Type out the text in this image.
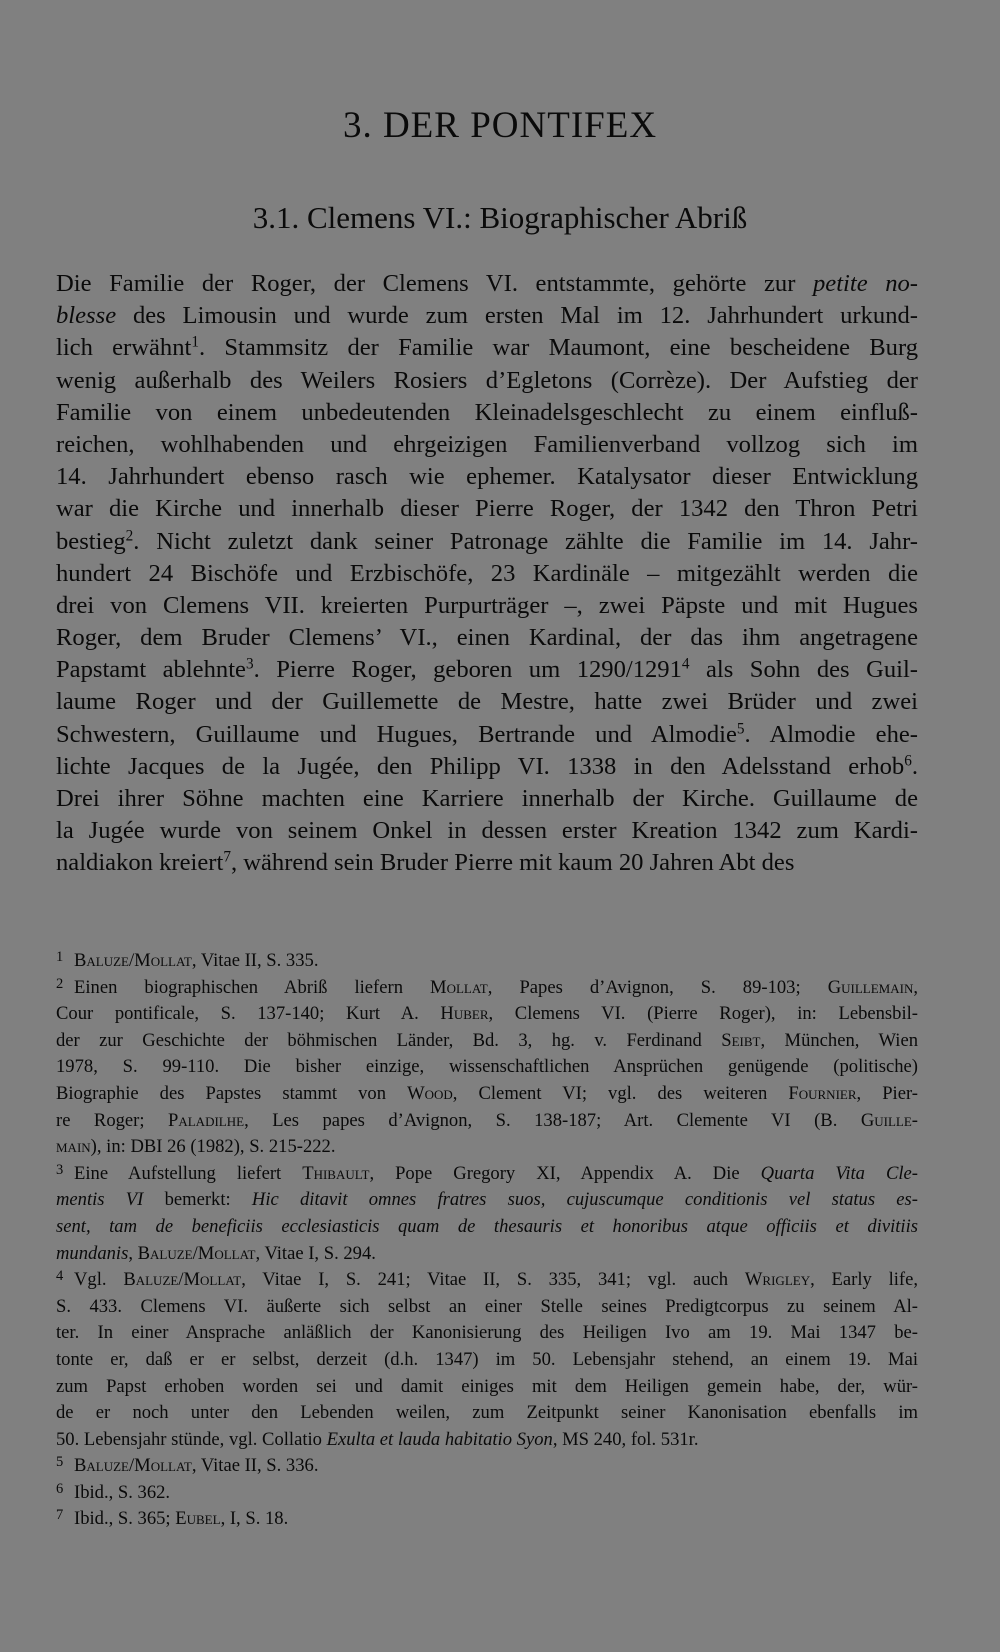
3. DER PONTIFEX
3.1. Clemens VI.: Biographischer Abriß
Die Familie der Roger, der Clemens VI. entstammte, gehörte zur petite no-
blesse des Limousin und wurde zum ersten Mal im 12. Jahrhundert urkund-
lich erwähnt$^1$. Stammsitz der Familie war Maumont, eine bescheidene Burg
wenig außerhalb des Weilers Rosiers d’Egletons (Corrèze). Der Aufstieg der
Familie von einem unbedeutenden Kleinadelsgeschlecht zu einem einfluß-
reichen, wohlhabenden und ehrgeizigen Familienverband vollzog sich im
14. Jahrhundert ebenso rasch wie ephemer. Katalysator dieser Entwicklung
war die Kirche und innerhalb dieser Pierre Roger, der 1342 den Thron Petri
bestieg$^2$. Nicht zuletzt dank seiner Patronage zählte die Familie im 14. Jahr-
hundert 24 Bischöfe und Erzbischöfe, 23 Kardinäle – mitgezählt werden die
drei von Clemens VII. kreierten Purpurträger –, zwei Päpste und mit Hugues
Roger, dem Bruder Clemens’ VI., einen Kardinal, der das ihm angetragene
Papstamt ablehnte$^3$. Pierre Roger, geboren um 1290/1291$^4$ als Sohn des Guil-
laume Roger und der Guillemette de Mestre, hatte zwei Brüder und zwei
Schwestern, Guillaume und Hugues, Bertrande und Almodie$^5$. Almodie ehe-
lichte Jacques de la Jugée, den Philipp VI. 1338 in den Adelsstand erhob$^6$.
Drei ihrer Söhne machten eine Karriere innerhalb der Kirche. Guillaume de
la Jugée wurde von seinem Onkel in dessen erster Kreation 1342 zum Kardi-
naldiakon kreiert$^7$, während sein Bruder Pierre mit kaum 20 Jahren Abt des
1 Baluze/Mollat, Vitae II, S. 335.
2 Einen biographischen Abriß liefern Mollat, Papes d’Avignon, S. 89-103; Guillemain,
Cour pontificale, S. 137-140; Kurt A. Huber, Clemens VI. (Pierre Roger), in: Lebensbil-
der zur Geschichte der böhmischen Länder, Bd. 3, hg. v. Ferdinand Seibt, München, Wien
1978, S. 99-110. Die bisher einzige, wissenschaftlichen Ansprüchen genügende (politische)
Biographie des Papstes stammt von Wood, Clement VI; vgl. des weiteren Fournier, Pier-
re Roger; Paladilhe, Les papes d’Avignon, S. 138-187; Art. Clemente VI (B. Guille-
main), in: DBI 26 (1982), S. 215-222.
3 Eine Aufstellung liefert Thibault, Pope Gregory XI, Appendix A. Die Quarta Vita Cle-
mentis VI bemerkt: Hic ditavit omnes fratres suos, cujuscumque conditionis vel status es-
sent, tam de beneficiis ecclesiasticis quam de thesauris et honoribus atque officiis et divitiis
mundanis, Baluze/Mollat, Vitae I, S. 294.
4 Vgl. Baluze/Mollat, Vitae I, S. 241; Vitae II, S. 335, 341; vgl. auch Wrigley, Early life,
S. 433. Clemens VI. äußerte sich selbst an einer Stelle seines Predigtcorpus zu seinem Al-
ter. In einer Ansprache anläßlich der Kanonisierung des Heiligen Ivo am 19. Mai 1347 be-
tonte er, daß er er selbst, derzeit (d.h. 1347) im 50. Lebensjahr stehend, an einem 19. Mai
zum Papst erhoben worden sei und damit einiges mit dem Heiligen gemein habe, der, wür-
de er noch unter den Lebenden weilen, zum Zeitpunkt seiner Kanonisation ebenfalls im
50. Lebensjahr stünde, vgl. Collatio Exulta et lauda habitatio Syon, MS 240, fol. 531r.
5 Baluze/Mollat, Vitae II, S. 336.
6 Ibid., S. 362.
7 Ibid., S. 365; Eubel, I, S. 18.
